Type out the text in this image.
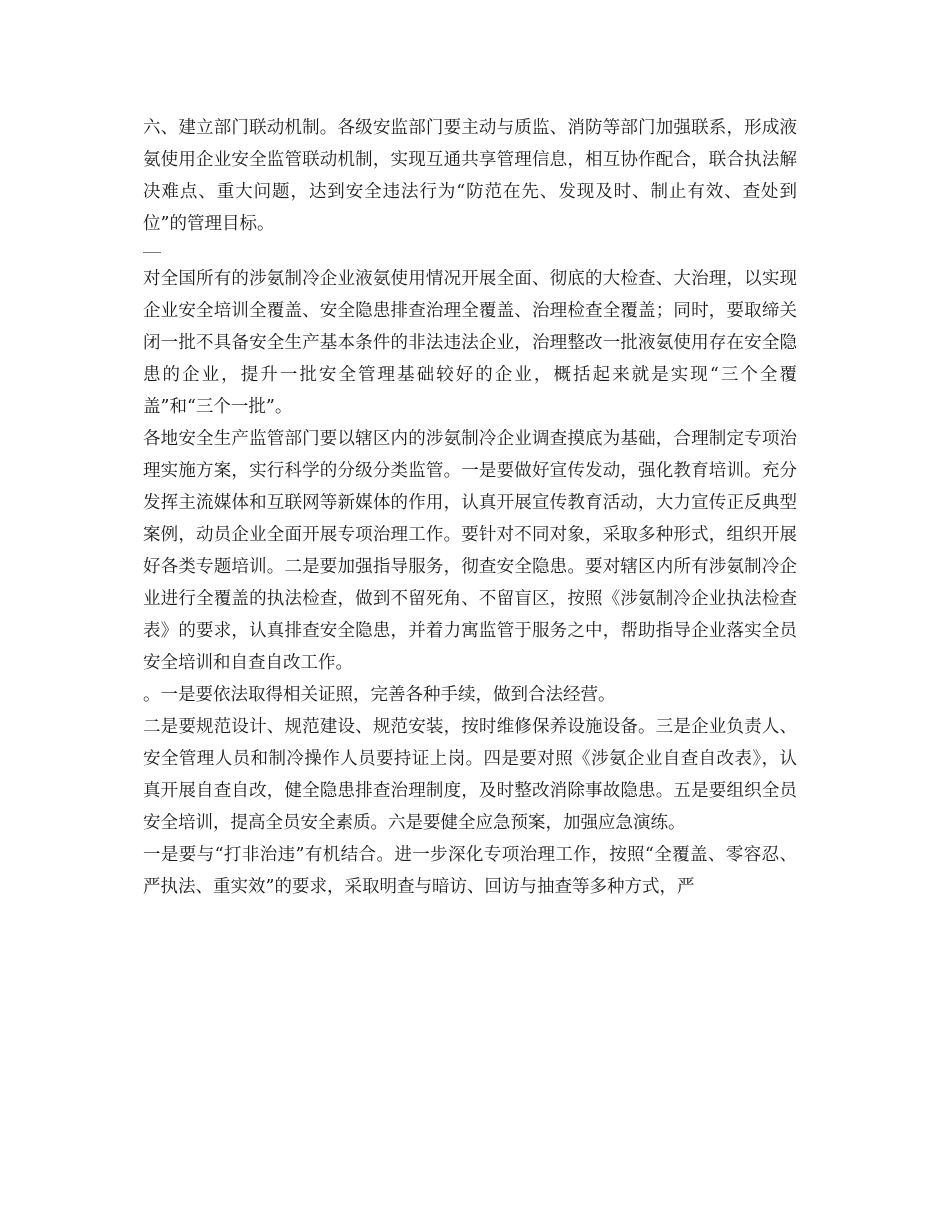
六、建立部门联动机制。各级安监部门要主动与质监、消防等部门加强联系，形成液氨使用企业安全监管联动机制，实现互通共享管理信息，相互协作配合，联合执法解决难点、重大问题，达到安全违法行为“防范在先、发现及时、制止有效、查处到位”的管理目标。

对全国所有的涉氨制冷企业液氨使用情况开展全面、彻底的大检查、大治理，以实现企业安全培训全覆盖、安全隐患排查治理全覆盖、治理检查全覆盖；同时，要取缔关闭一批不具备安全生产基本条件的非法违法企业，治理整改一批液氨使用存在安全隐患的企业，提升一批安全管理基础较好的企业，概括起来就是实现“三个全覆盖”和“三个一批”。

各地安全生产监管部门要以辖区内的涉氨制冷企业调查摸底为基础，合理制定专项治理实施方案，实行科学的分级分类监管。一是要做好宣传发动，强化教育培训。充分发挥主流媒体和互联网等新媒体的作用，认真开展宣传教育活动，大力宣传正反典型案例，动员企业全面开展专项治理工作。要针对不同对象，采取多种形式，组织开展好各类专题培训。二是要加强指导服务，彻查安全隐患。要对辖区内所有涉氨制冷企业进行全覆盖的执法检查，做到不留死角、不留盲区，按照《涉氨制冷企业执法检查表》的要求，认真排查安全隐患，并着力寓监管于服务之中，帮助指导企业落实全员安全培训和自查自改工作。

。一是要依法取得相关证照，完善各种手续，做到合法经营。

二是要规范设计、规范建设、规范安装，按时维修保养设施设备。三是企业负责人、安全管理人员和制冷操作人员要持证上岗。四是要对照《涉氨企业自查自改表》，认真开展自查自改，健全隐患排查治理制度，及时整改消除事故隐患。五是要组织全员安全培训，提高全员安全素质。六是要健全应急预案，加强应急演练。

一是要与“打非治违”有机结合。进一步深化专项治理工作，按照“全覆盖、零容忍、严执法、重实效”的要求，采取明查与暗访、回访与抽查等多种方式，严
